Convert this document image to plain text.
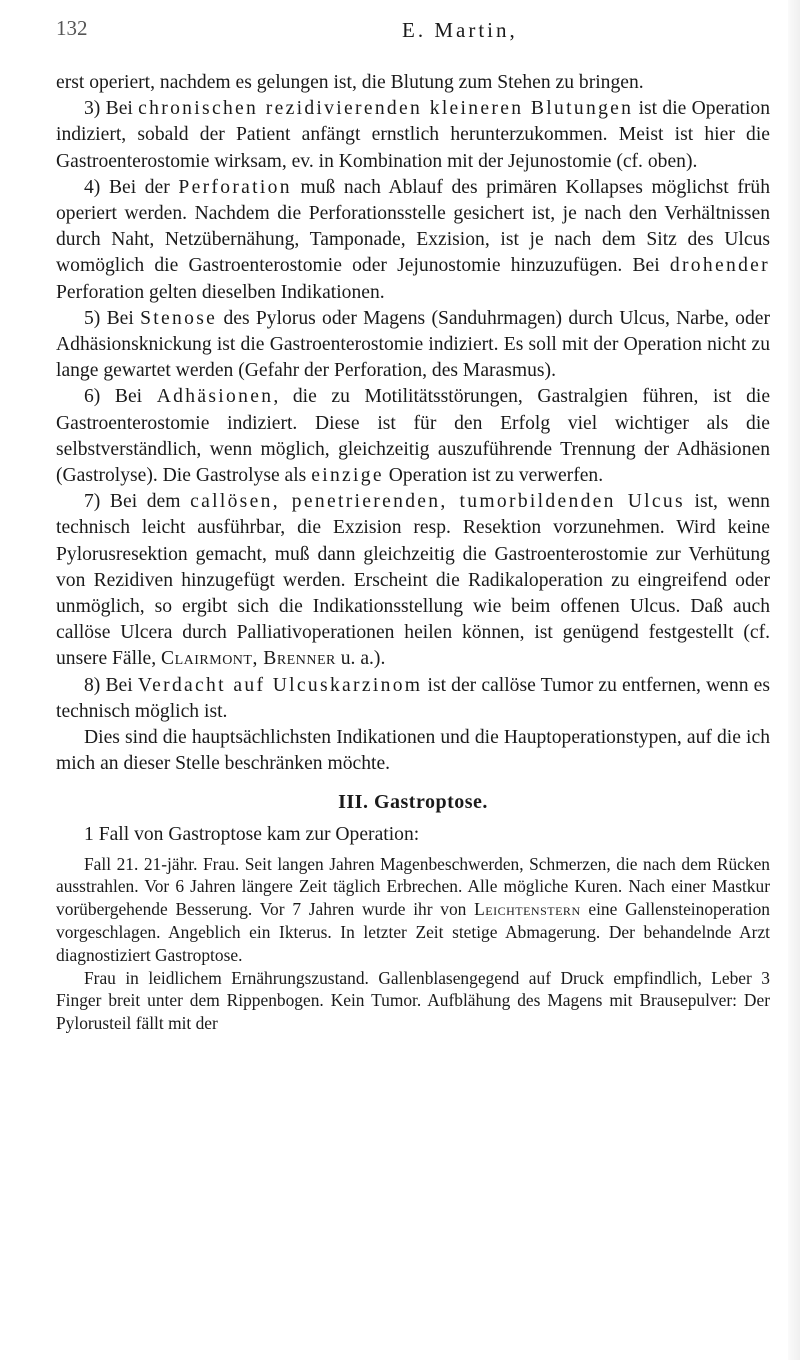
132	E. Martin,

erst operiert, nachdem es gelungen ist, die Blutung zum Stehen zu bringen.

3) Bei chronischen rezidivierenden kleineren Blutungen ist die Operation indiziert, sobald der Patient anfängt ernstlich herunterzukommen. Meist ist hier die Gastroenterostomie wirksam, ev. in Kombination mit der Jejunostomie (cf. oben).

4) Bei der Perforation muß nach Ablauf des primären Kollapses möglichst früh operiert werden. Nachdem die Perforationsstelle gesichert ist, je nach den Verhältnissen durch Naht, Netzübernähung, Tamponade, Exzision, ist je nach dem Sitz des Ulcus womöglich die Gastroenterostomie oder Jejunostomie hinzuzufügen. Bei drohender Perforation gelten dieselben Indikationen.

5) Bei Stenose des Pylorus oder Magens (Sanduhrmagen) durch Ulcus, Narbe, oder Adhäsionsknickung ist die Gastroenterostomie indiziert. Es soll mit der Operation nicht zu lange gewartet werden (Gefahr der Perforation, des Marasmus).

6) Bei Adhäsionen, die zu Motilitätsstörungen, Gastralgien führen, ist die Gastroenterostomie indiziert. Diese ist für den Erfolg viel wichtiger als die selbstverständlich, wenn möglich, gleichzeitig auszuführende Trennung der Adhäsionen (Gastrolyse). Die Gastrolyse als einzige Operation ist zu verwerfen.

7) Bei dem callösen, penetrierenden, tumorbildenden Ulcus ist, wenn technisch leicht ausführbar, die Exzision resp. Resektion vorzunehmen. Wird keine Pylorusresektion gemacht, muß dann gleichzeitig die Gastroenterostomie zur Verhütung von Rezidiven hinzugefügt werden. Erscheint die Radikaloperation zu eingreifend oder unmöglich, so ergibt sich die Indikationsstellung wie beim offenen Ulcus. Daß auch callöse Ulcera durch Palliativoperationen heilen können, ist genügend festgestellt (cf. unsere Fälle, Clairmont, Brenner u. a.).

8) Bei Verdacht auf Ulcuskarzinom ist der callöse Tumor zu entfernen, wenn es technisch möglich ist.

Dies sind die hauptsächlichsten Indikationen und die Hauptoperationstypen, auf die ich mich an dieser Stelle beschränken möchte.

III. Gastroptose.

1 Fall von Gastroptose kam zur Operation:

Fall 21. 21-jähr. Frau. Seit langen Jahren Magenbeschwerden, Schmerzen, die nach dem Rücken ausstrahlen. Vor 6 Jahren längere Zeit täglich Erbrechen. Alle mögliche Kuren. Nach einer Mastkur vorübergehende Besserung. Vor 7 Jahren wurde ihr von Leichtenstern eine Gallensteinoperation vorgeschlagen. Angeblich ein Ikterus. In letzter Zeit stetige Abmagerung. Der behandelnde Arzt diagnostiziert Gastroptose.

Frau in leidlichem Ernährungszustand. Gallenblasengegend auf Druck empfindlich, Leber 3 Finger breit unter dem Rippenbogen. Kein Tumor. Aufblähung des Magens mit Brausepulver: Der Pylorusteil fällt mit der
